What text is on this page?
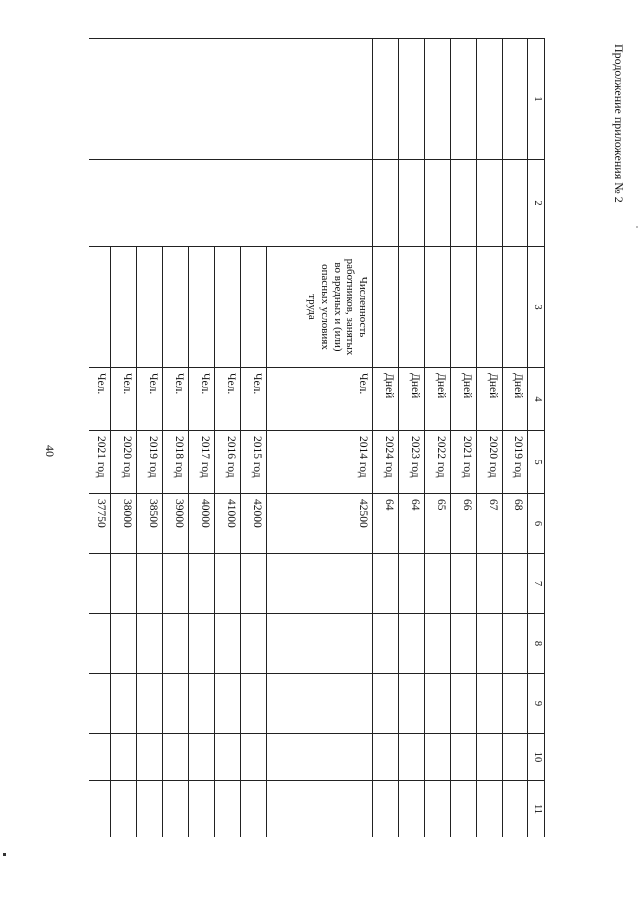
Продолжение приложения № 2
40
1	2	3	4	5	6	7	8	9	10	11
			Дней	2019 год	68					
			Дней	2020 год	67					
			Дней	2021 год	66					
			Дней	2022 год	65					
			Дней	2023 год	64					
			Дней	2024 год	64					
		Численность работников, занятых во вредных и (или) опасных условиях труда	Чел.	2014 год	42500					
			Чел.	2015 год	42000					
			Чел.	2016 год	41000					
			Чел.	2017 год	40000					
			Чел.	2018 год	39000					
			Чел.	2019 год	38500					
			Чел.	2020 год	38000					
			Чел.	2021 год	37750					
